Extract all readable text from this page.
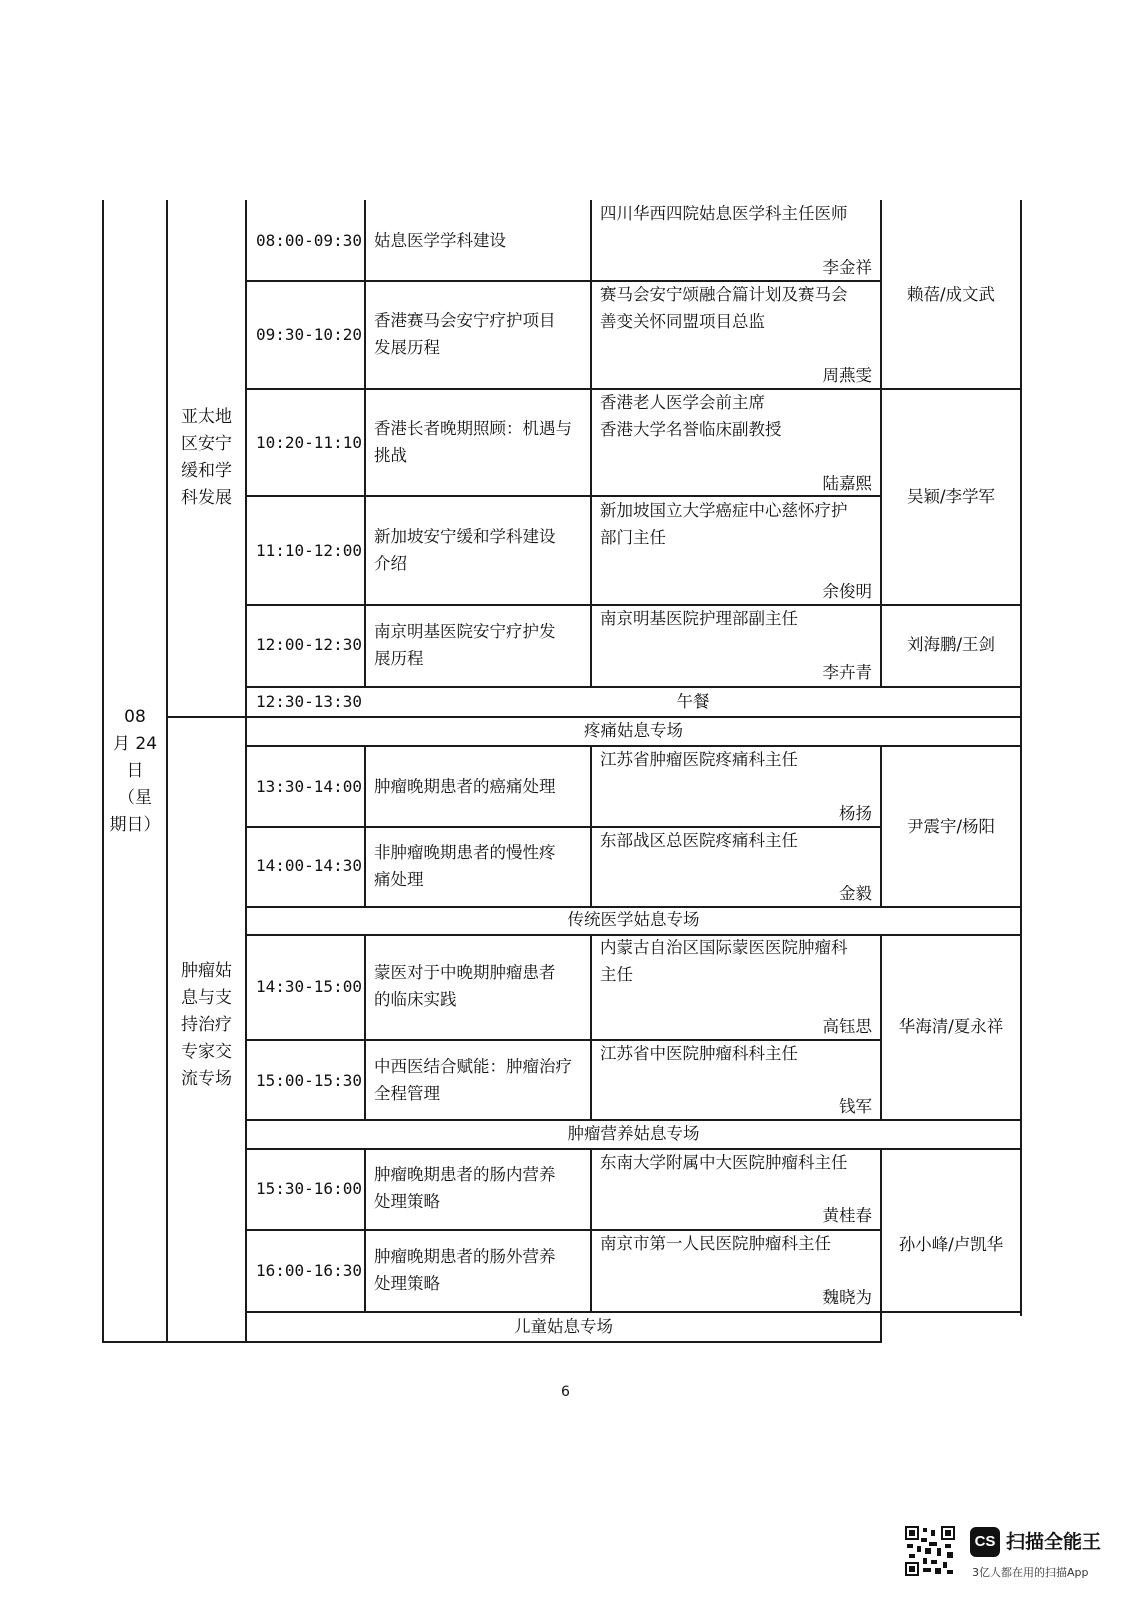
08
月 24
日
（星
期日）
亚太地
区安宁
缓和学
科发展
肿瘤姑
息与支
持治疗
专家交
流专场
08:00-09:30 姑息医学学科建设
四川华西四院姑息医学科主任医师
李金祥
09:30-10:20
香港赛马会安宁疗护项目
发展历程
赛马会安宁颂融合篇计划及赛马会
善变关怀同盟项目总监
周燕雯
10:20-11:10
香港长者晚期照顾：机遇与
挑战
香港老人医学会前主席
香港大学名誉临床副教授
陆嘉熙
11:10-12:00
新加坡安宁缓和学科建设
介绍
新加坡国立大学癌症中心慈怀疗护
部门主任
余俊明
12:00-12:30
南京明基医院安宁疗护发
展历程
南京明基医院护理部副主任
李卉青
12:30-13:30	午餐
疼痛姑息专场
13:30-14:00 肿瘤晚期患者的癌痛处理
江苏省肿瘤医院疼痛科主任
杨扬
14:00-14:30
非肿瘤晚期患者的慢性疼
痛处理
东部战区总医院疼痛科主任
金毅
传统医学姑息专场
14:30-15:00
蒙医对于中晚期肿瘤患者
的临床实践
内蒙古自治区国际蒙医医院肿瘤科
主任
高钰思
15:00-15:30
中西医结合赋能：肿瘤治疗
全程管理
江苏省中医院肿瘤科科主任
钱军
肿瘤营养姑息专场
15:30-16:00
肿瘤晚期患者的肠内营养
处理策略
东南大学附属中大医院肿瘤科主任
黄桂春
16:00-16:30
肿瘤晚期患者的肠外营养
处理策略
南京市第一人民医院肿瘤科主任
魏晓为
儿童姑息专场
赖蓓/成文武
吴颖/李学军
刘海鹏/王剑
尹震宇/杨阳
华海清/夏永祥
孙小峰/卢凯华
6
CS 扫描全能王
3亿人都在用的扫描App
